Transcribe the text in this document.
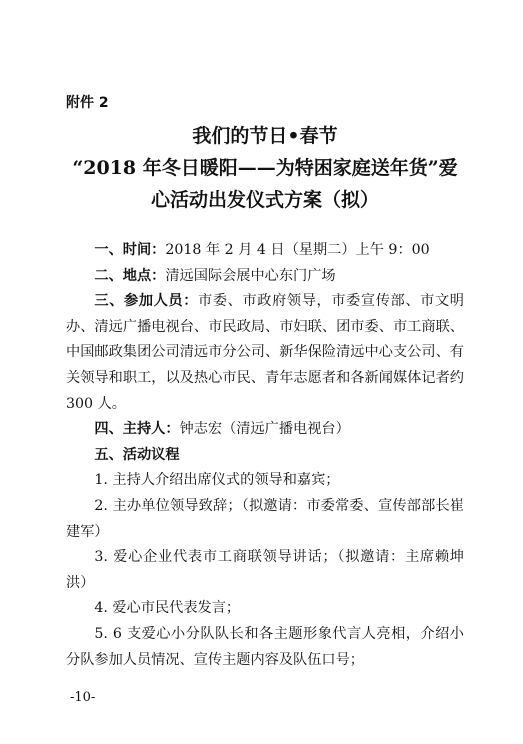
附件 2
我们的节日•春节
“2018 年冬日暖阳——为特困家庭送年货”爱
心活动出发仪式方案（拟）

一、时间：2018 年 2 月 4 日（星期二）上午 9：00

二、地点：清远国际会展中心东门广场

三、参加人员：市委、市政府领导，市委宣传部、市文明办、清远广播电视台、市民政局、市妇联、团市委、市工商联、中国邮政集团公司清远市分公司、新华保险清远中心支公司、有关领导和职工，以及热心市民、青年志愿者和各新闻媒体记者约 300 人。

四、主持人：钟志宏（清远广播电视台）

五、活动议程

1. 主持人介绍出席仪式的领导和嘉宾；

2. 主办单位领导致辞；（拟邀请：市委常委、宣传部部长崔建军）

3. 爱心企业代表市工商联领导讲话；（拟邀请：主席赖坤洪）

4. 爱心市民代表发言；

5. 6 支爱心小分队队长和各主题形象代言人亮相，介绍小分队参加人员情况、宣传主题内容及队伍口号；

-10-
